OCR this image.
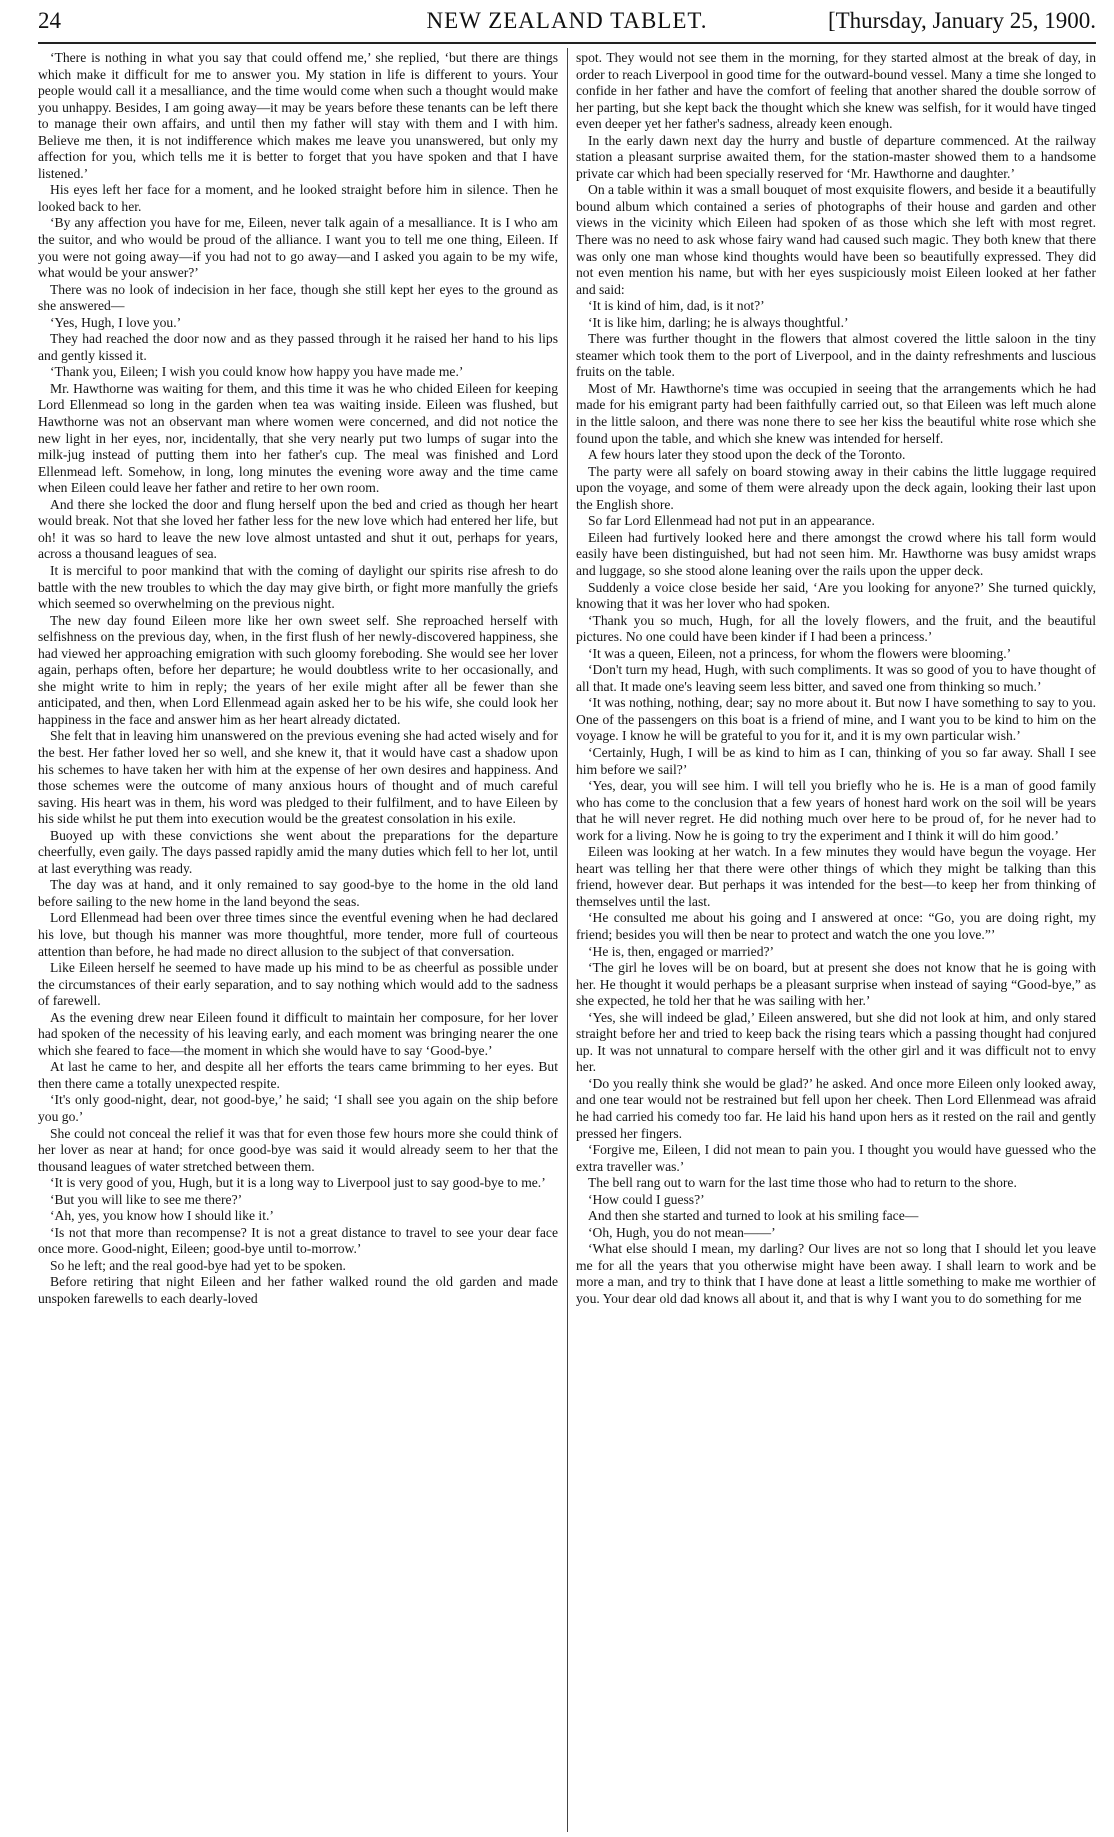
24	NEW ZEALAND TABLET.	[Thursday, January 25, 1900.

‘There is nothing in what you say that could offend me,’ she replied, ‘but there are things which make it difficult for me to answer you. My station in life is different to yours. Your people would call it a mesalliance, and the time would come when such a thought would make you unhappy. Besides, I am going away—it may be years before these tenants can be left there to manage their own affairs, and until then my father will stay with them and I with him. Believe me then, it is not indifference which makes me leave you unanswered, but only my affection for you, which tells me it is better to forget that you have spoken and that I have listened.’

His eyes left her face for a moment, and he looked straight before him in silence. Then he looked back to her.

‘By any affection you have for me, Eileen, never talk again of a mesalliance. It is I who am the suitor, and who would be proud of the alliance. I want you to tell me one thing, Eileen. If you were not going away—if you had not to go away—and I asked you again to be my wife, what would be your answer?’

There was no look of indecision in her face, though she still kept her eyes to the ground as she answered—

‘Yes, Hugh, I love you.’

They had reached the door now and as they passed through it he raised her hand to his lips and gently kissed it.

‘Thank you, Eileen; I wish you could know how happy you have made me.’

Mr. Hawthorne was waiting for them, and this time it was he who chided Eileen for keeping Lord Ellenmead so long in the garden when tea was waiting inside. Eileen was flushed, but Hawthorne was not an observant man where women were concerned, and did not notice the new light in her eyes, nor, incidentally, that she very nearly put two lumps of sugar into the milk-jug instead of putting them into her father's cup. The meal was finished and Lord Ellenmead left. Somehow, in long, long minutes the evening wore away and the time came when Eileen could leave her father and retire to her own room.

And there she locked the door and flung herself upon the bed and cried as though her heart would break. Not that she loved her father less for the new love which had entered her life, but oh! it was so hard to leave the new love almost untasted and shut it out, perhaps for years, across a thousand leagues of sea.

It is merciful to poor mankind that with the coming of daylight our spirits rise afresh to do battle with the new troubles to which the day may give birth, or fight more manfully the griefs which seemed so overwhelming on the previous night.

The new day found Eileen more like her own sweet self. She reproached herself with selfishness on the previous day, when, in the first flush of her newly-discovered happiness, she had viewed her approaching emigration with such gloomy foreboding. She would see her lover again, perhaps often, before her departure; he would doubtless write to her occasionally, and she might write to him in reply; the years of her exile might after all be fewer than she anticipated, and then, when Lord Ellenmead again asked her to be his wife, she could look her happiness in the face and answer him as her heart already dictated.

She felt that in leaving him unanswered on the previous evening she had acted wisely and for the best. Her father loved her so well, and she knew it, that it would have cast a shadow upon his schemes to have taken her with him at the expense of her own desires and happiness. And those schemes were the outcome of many anxious hours of thought and of much careful saving. His heart was in them, his word was pledged to their fulfilment, and to have Eileen by his side whilst he put them into execution would be the greatest consolation in his exile.

Buoyed up with these convictions she went about the preparations for the departure cheerfully, even gaily. The days passed rapidly amid the many duties which fell to her lot, until at last everything was ready.

The day was at hand, and it only remained to say good-bye to the home in the old land before sailing to the new home in the land beyond the seas.

Lord Ellenmead had been over three times since the eventful evening when he had declared his love, but though his manner was more thoughtful, more tender, more full of courteous attention than before, he had made no direct allusion to the subject of that conversation.

Like Eileen herself he seemed to have made up his mind to be as cheerful as possible under the circumstances of their early separation, and to say nothing which would add to the sadness of farewell.

As the evening drew near Eileen found it difficult to maintain her composure, for her lover had spoken of the necessity of his leaving early, and each moment was bringing nearer the one which she feared to face—the moment in which she would have to say ‘Good-bye.’

At last he came to her, and despite all her efforts the tears came brimming to her eyes. But then there came a totally unexpected respite.

‘It's only good-night, dear, not good-bye,’ he said; ‘I shall see you again on the ship before you go.’

She could not conceal the relief it was that for even those few hours more she could think of her lover as near at hand; for once good-bye was said it would already seem to her that the thousand leagues of water stretched between them.

‘It is very good of you, Hugh, but it is a long way to Liverpool just to say good-bye to me.’

‘But you will like to see me there?’

‘Ah, yes, you know how I should like it.’

‘Is not that more than recompense? It is not a great distance to travel to see your dear face once more. Good-night, Eileen; good-bye until to-morrow.’

So he left; and the real good-bye had yet to be spoken.

Before retiring that night Eileen and her father walked round the old garden and made unspoken farewells to each dearly-loved

spot. They would not see them in the morning, for they started almost at the break of day, in order to reach Liverpool in good time for the outward-bound vessel. Many a time she longed to confide in her father and have the comfort of feeling that another shared the double sorrow of her parting, but she kept back the thought which she knew was selfish, for it would have tinged even deeper yet her father's sadness, already keen enough.

In the early dawn next day the hurry and bustle of departure commenced. At the railway station a pleasant surprise awaited them, for the station-master showed them to a handsome private car which had been specially reserved for ‘Mr. Hawthorne and daughter.’

On a table within it was a small bouquet of most exquisite flowers, and beside it a beautifully bound album which contained a series of photographs of their house and garden and other views in the vicinity which Eileen had spoken of as those which she left with most regret. There was no need to ask whose fairy wand had caused such magic. They both knew that there was only one man whose kind thoughts would have been so beautifully expressed. They did not even mention his name, but with her eyes suspiciously moist Eileen looked at her father and said:

‘It is kind of him, dad, is it not?’

‘It is like him, darling; he is always thoughtful.’

There was further thought in the flowers that almost covered the little saloon in the tiny steamer which took them to the port of Liverpool, and in the dainty refreshments and luscious fruits on the table.

Most of Mr. Hawthorne's time was occupied in seeing that the arrangements which he had made for his emigrant party had been faithfully carried out, so that Eileen was left much alone in the little saloon, and there was none there to see her kiss the beautiful white rose which she found upon the table, and which she knew was intended for herself.

A few hours later they stood upon the deck of the Toronto.

The party were all safely on board stowing away in their cabins the little luggage required upon the voyage, and some of them were already upon the deck again, looking their last upon the English shore.

So far Lord Ellenmead had not put in an appearance.

Eileen had furtively looked here and there amongst the crowd where his tall form would easily have been distinguished, but had not seen him. Mr. Hawthorne was busy amidst wraps and luggage, so she stood alone leaning over the rails upon the upper deck.

Suddenly a voice close beside her said, ‘Are you looking for anyone?’ She turned quickly, knowing that it was her lover who had spoken.

‘Thank you so much, Hugh, for all the lovely flowers, and the fruit, and the beautiful pictures. No one could have been kinder if I had been a princess.’

‘It was a queen, Eileen, not a princess, for whom the flowers were blooming.’

‘Don't turn my head, Hugh, with such compliments. It was so good of you to have thought of all that. It made one's leaving seem less bitter, and saved one from thinking so much.’

‘It was nothing, nothing, dear; say no more about it. But now I have something to say to you. One of the passengers on this boat is a friend of mine, and I want you to be kind to him on the voyage. I know he will be grateful to you for it, and it is my own particular wish.’

‘Certainly, Hugh, I will be as kind to him as I can, thinking of you so far away. Shall I see him before we sail?’

‘Yes, dear, you will see him. I will tell you briefly who he is. He is a man of good family who has come to the conclusion that a few years of honest hard work on the soil will be years that he will never regret. He did nothing much over here to be proud of, for he never had to work for a living. Now he is going to try the experiment and I think it will do him good.’

Eileen was looking at her watch. In a few minutes they would have begun the voyage. Her heart was telling her that there were other things of which they might be talking than this friend, however dear. But perhaps it was intended for the best—to keep her from thinking of themselves until the last.

‘He consulted me about his going and I answered at once: “Go, you are doing right, my friend; besides you will then be near to protect and watch the one you love.”’

‘He is, then, engaged or married?’

‘The girl he loves will be on board, but at present she does not know that he is going with her. He thought it would perhaps be a pleasant surprise when instead of saying “Good-bye,” as she expected, he told her that he was sailing with her.’

‘Yes, she will indeed be glad,’ Eileen answered, but she did not look at him, and only stared straight before her and tried to keep back the rising tears which a passing thought had conjured up. It was not unnatural to compare herself with the other girl and it was difficult not to envy her.

‘Do you really think she would be glad?’ he asked. And once more Eileen only looked away, and one tear would not be restrained but fell upon her cheek. Then Lord Ellenmead was afraid he had carried his comedy too far. He laid his hand upon hers as it rested on the rail and gently pressed her fingers.

‘Forgive me, Eileen, I did not mean to pain you. I thought you would have guessed who the extra traveller was.’

The bell rang out to warn for the last time those who had to return to the shore.

‘How could I guess?’

And then she started and turned to look at his smiling face—

‘Oh, Hugh, you do not mean——’

‘What else should I mean, my darling? Our lives are not so long that I should let you leave me for all the years that you otherwise might have been away. I shall learn to work and be more a man, and try to think that I have done at least a little something to make me worthier of you. Your dear old dad knows all about it, and that is why I want you to do something for me
